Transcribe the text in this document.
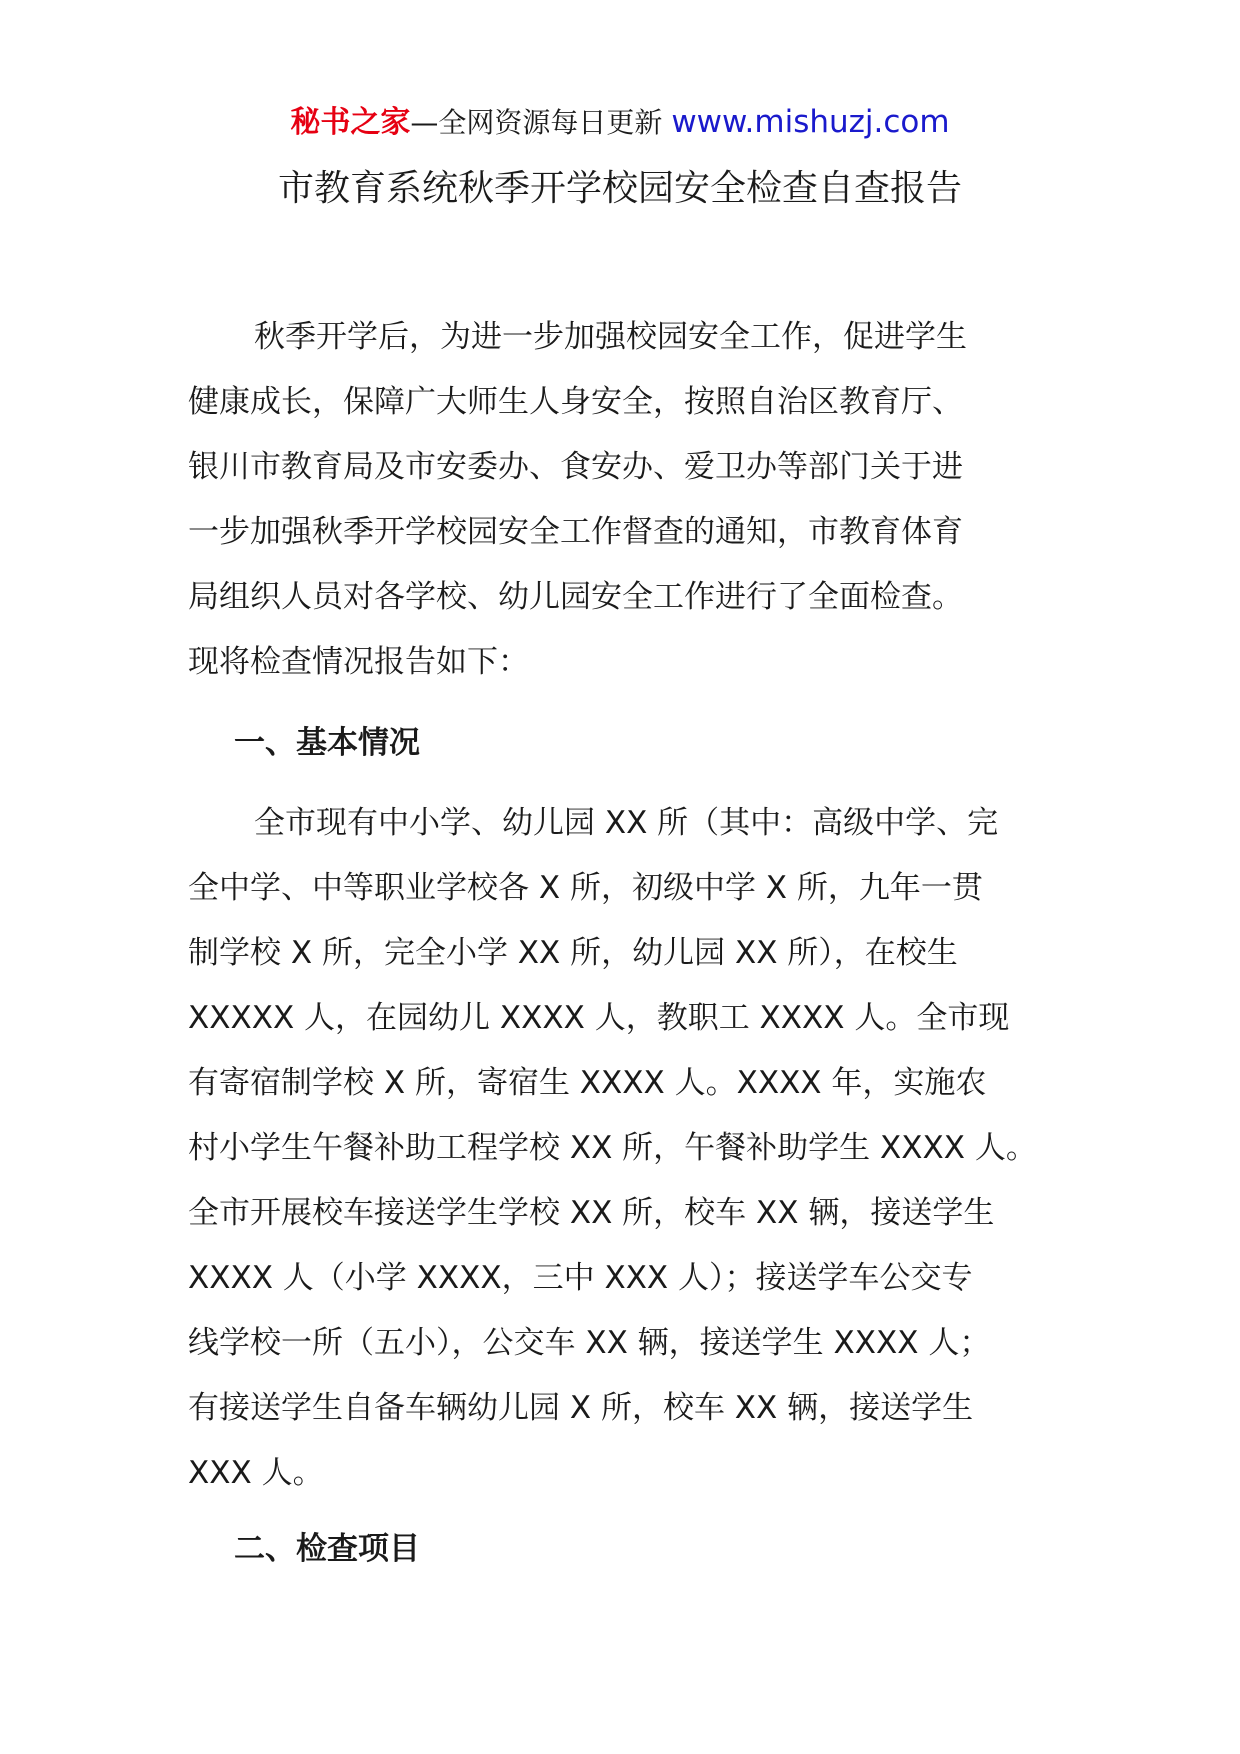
秘书之家—全网资源每日更新 www.mishuzj.com
市教育系统秋季开学校园安全检查自查报告
秋季开学后，为进一步加强校园安全工作，促进学生
健康成长，保障广大师生人身安全，按照自治区教育厅、
银川市教育局及市安委办、食安办、爱卫办等部门关于进
一步加强秋季开学校园安全工作督查的通知，市教育体育
局组织人员对各学校、幼儿园安全工作进行了全面检查。
现将检查情况报告如下：
一、基本情况
全市现有中小学、幼儿园 XX 所（其中：高级中学、完
全中学、中等职业学校各 X 所，初级中学 X 所，九年一贯
制学校 X 所，完全小学 XX 所，幼儿园 XX 所），在校生
XXXXX 人，在园幼儿 XXXX 人，教职工 XXXX 人。全市现
有寄宿制学校 X 所，寄宿生 XXXX 人。XXXX 年，实施农
村小学生午餐补助工程学校 XX 所，午餐补助学生 XXXX 人。
全市开展校车接送学生学校 XX 所，校车 XX 辆，接送学生
XXXX 人（小学 XXXX，三中 XXX 人）；接送学车公交专
线学校一所（五小），公交车 XX 辆，接送学生 XXXX 人；
有接送学生自备车辆幼儿园 X 所，校车 XX 辆，接送学生
XXX 人。
二、检查项目
